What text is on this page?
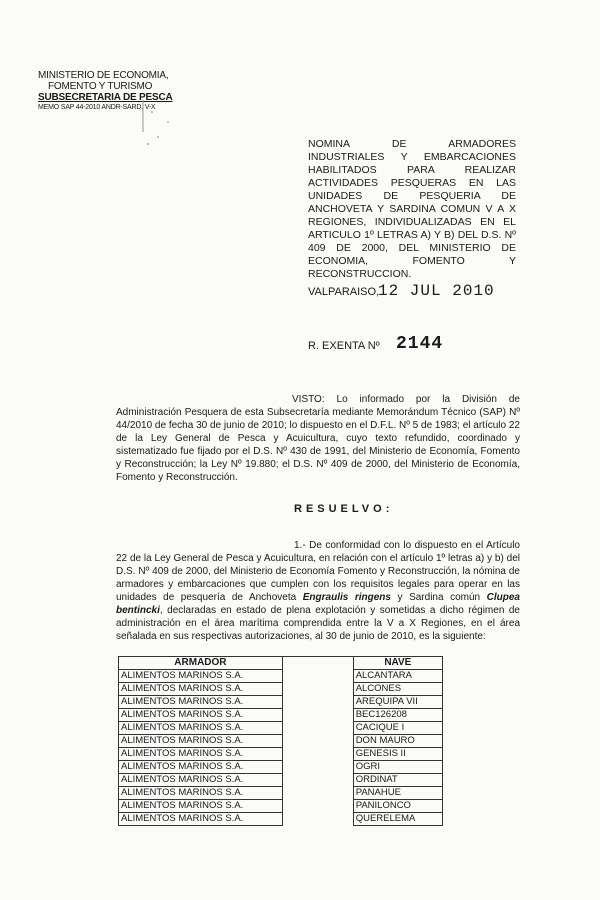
MINISTERIO DE ECONOMIA,
FOMENTO Y TURISMO
SUBSECRETARIA DE PESCA
MEMO SAP 44-2010 ANDR-SARD. V-X
NOMINA DE ARMADORES INDUSTRIALES Y EMBARCACIONES HABILITADOS PARA REALIZAR ACTIVIDADES PESQUERAS EN LAS UNIDADES DE PESQUERIA DE ANCHOVETA Y SARDINA COMUN V A X REGIONES, INDIVIDUALIZADAS EN EL ARTICULO 1º LETRAS A) Y B) DEL D.S. Nº 409 DE 2000, DEL MINISTERIO DE ECONOMIA, FOMENTO Y RECONSTRUCCION.
VALPARAISO,
12 JUL 2010
R. EXENTA Nº 2144
VISTO: Lo informado por la División de Administración Pesquera de esta Subsecretaría mediante Memorándum Técnico (SAP) Nº 44/2010 de fecha 30 de junio de 2010; lo dispuesto en el D.F.L. Nº 5 de 1983; el artículo 22 de la Ley General de Pesca y Acuicultura, cuyo texto refundido, coordinado y sistematizado fue fijado por el D.S. Nº 430 de 1991, del Ministerio de Economía, Fomento y Reconstrucción; la Ley Nº 19.880; el D.S. Nº 409 de 2000, del Ministerio de Economía, Fomento y Reconstrucción.
RESUELVO:
1.- De conformidad con lo dispuesto en el Artículo 22 de la Ley General de Pesca y Acuicultura, en relación con el artículo 1º letras a) y b) del D.S. Nº 409 de 2000, del Ministerio de Economía Fomento y Reconstrucción, la nómina de armadores y embarcaciones que cumplen con los requisitos legales para operar en las unidades de pesquería de Anchoveta Engraulis ringens y Sardina común Clupea bentincki, declaradas en estado de plena explotación y sometidas a dicho régimen de administración en el área marítima comprendida entre la V a X Regiones, en el área señalada en sus respectivas autorizaciones, al 30 de junio de 2010, es la siguiente:
ARMADOR		NAVE
ALIMENTOS MARINOS S.A.		ALCANTARA
ALIMENTOS MARINOS S.A.		ALCONES
ALIMENTOS MARINOS S.A.		AREQUIPA VII
ALIMENTOS MARINOS S.A.		BEC126208
ALIMENTOS MARINOS S.A.		CACIQUE I
ALIMENTOS MARINOS S.A.		DON MAURO
ALIMENTOS MARINOS S.A.		GENESIS II
ALIMENTOS MARINOS S.A.		OGRI
ALIMENTOS MARINOS S.A.		ORDINAT
ALIMENTOS MARINOS S.A.		PANAHUE
ALIMENTOS MARINOS S.A.		PANILONCO
ALIMENTOS MARINOS S.A.		QUERELEMA
